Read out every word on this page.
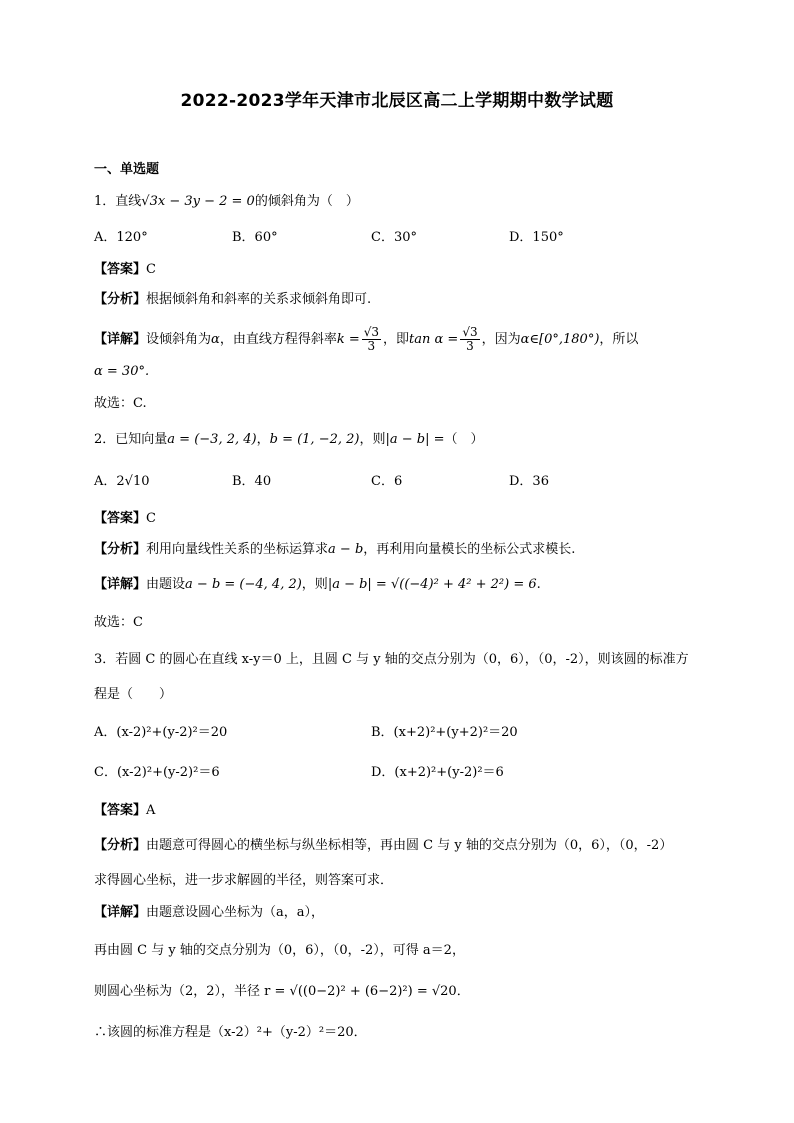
2022-2023学年天津市北辰区高二上学期期中数学试题
一、单选题
1．直线√3x − 3y − 2 = 0的倾斜角为（　）
A．120°	B．60°	C．30°	D．150°
【答案】C
【分析】根据倾斜角和斜率的关系求倾斜角即可.
【详解】设倾斜角为α，由直线方程得斜率$k = \frac{√3}{3}$ ，即$\tan \alpha = \frac{√3}{3}$ ，因为α∈[0°,180°)，所以
α = 30°.
故选：C.
2．已知向量a = (−3, 2, 4)，b = (1, −2, 2)，则|a − b| =（　）
A．2√10	B．40	C．6	D．36
【答案】C
【分析】利用向量线性关系的坐标运算求a − b，再利用向量模长的坐标公式求模长.
【详解】由题设a − b = (−4, 4, 2)，则|a − b| = √((−4)² + 4² + 2²) = 6.
故选：C
3．若圆 C 的圆心在直线 x-y＝0 上，且圆 C 与 y 轴的交点分别为（0，6），（0，-2），则该圆的标准方
程是（　　）
A．(x-2)²+(y-2)²＝20	B．(x+2)²+(y+2)²＝20
C．(x-2)²+(y-2)²＝6	D．(x+2)²+(y-2)²＝6
【答案】A
【分析】由题意可得圆心的横坐标与纵坐标相等，再由圆 C 与 y 轴的交点分别为（0，6），（0，-2）
求得圆心坐标，进一步求解圆的半径，则答案可求．
【详解】由题意设圆心坐标为（a，a），
再由圆 C 与 y 轴的交点分别为（0，6），（0，-2），可得 a＝2，
则圆心坐标为（2，2），半径 r = √((0−2)² + (6−2)²) = √20．
∴该圆的标准方程是（x-2）²+（y-2）²＝20．
